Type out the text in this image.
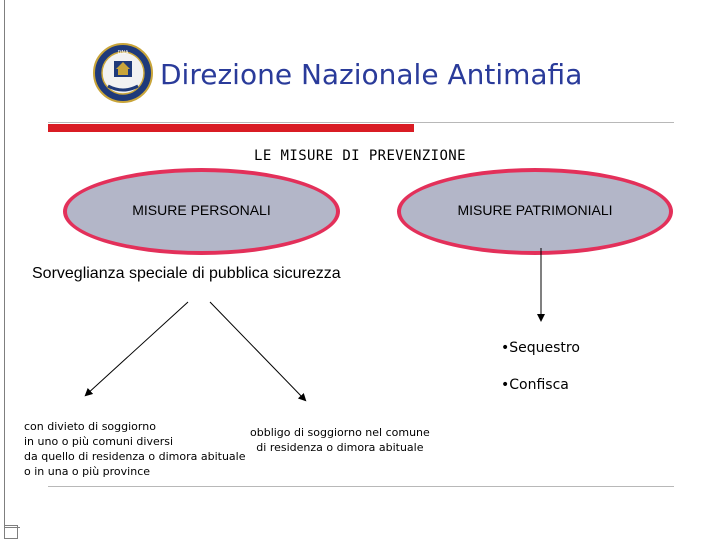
DNA
Direzione Nazionale Antimafia
LE MISURE DI PREVENZIONE
MISURE PERSONALI	MISURE PATRIMONIALI
Sorveglianza speciale di pubblica sicurezza
•Sequestro
•Confisca
con divieto di soggiorno
in uno o più comuni diversi
da quello di residenza o dimora abituale
o in una o più province
obbligo di soggiorno nel comune
di residenza o dimora abituale
